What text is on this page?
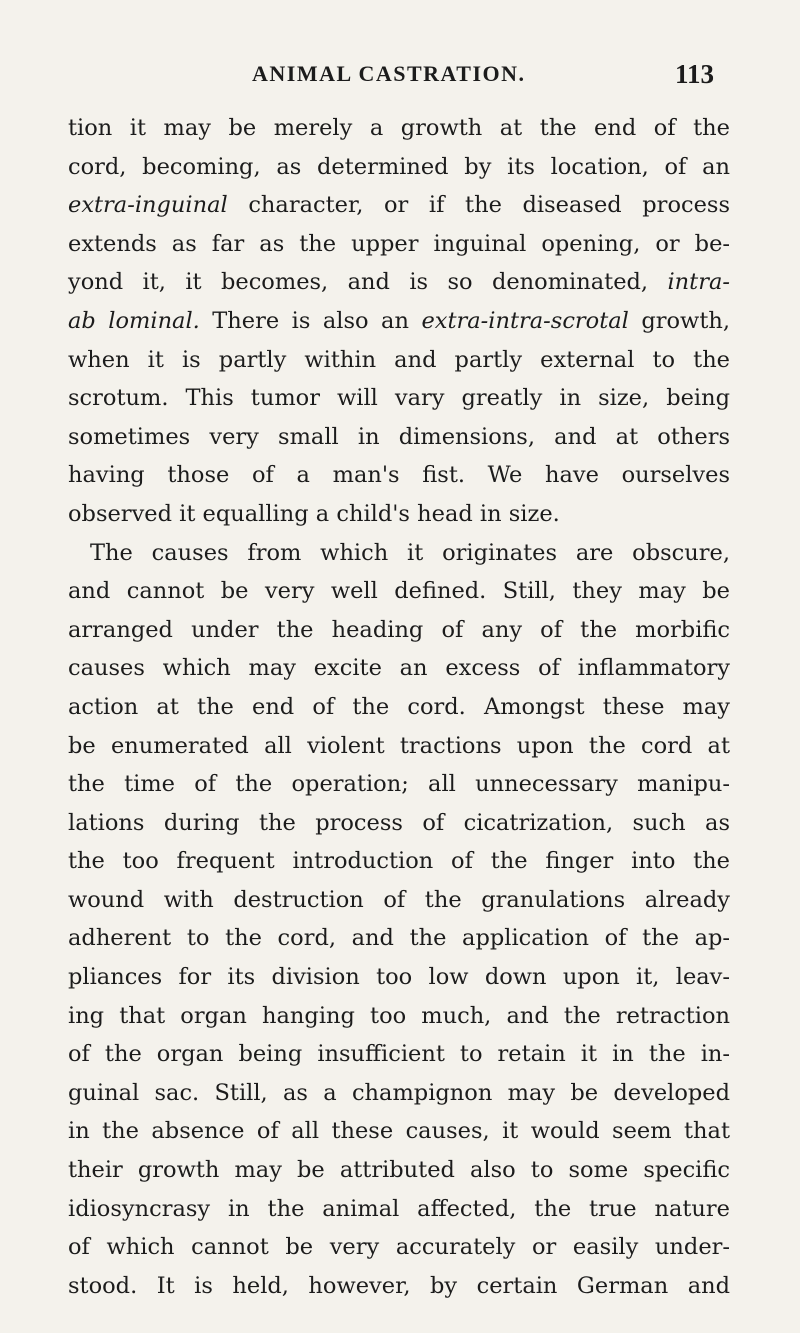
ANIMAL CASTRATION.	113
tion it may be merely a growth at the end of the
cord, becoming, as determined by its location, of an
extra-inguinal character, or if the diseased process
extends as far as the upper inguinal opening, or be-
yond it, it becomes, and is so denominated, intra-
ab lominal. There is also an extra-intra-scrotal growth,
when it is partly within and partly external to the
scrotum. This tumor will vary greatly in size, being
sometimes very small in dimensions, and at others
having those of a man's fist. We have ourselves
observed it equalling a child's head in size.
The causes from which it originates are obscure,
and cannot be very well defined. Still, they may be
arranged under the heading of any of the morbific
causes which may excite an excess of inflammatory
action at the end of the cord. Amongst these may
be enumerated all violent tractions upon the cord at
the time of the operation; all unnecessary manipu-
lations during the process of cicatrization, such as
the too frequent introduction of the finger into the
wound with destruction of the granulations already
adherent to the cord, and the application of the ap-
pliances for its division too low down upon it, leav-
ing that organ hanging too much, and the retraction
of the organ being insufficient to retain it in the in-
guinal sac. Still, as a champignon may be developed
in the absence of all these causes, it would seem that
their growth may be attributed also to some specific
idiosyncrasy in the animal affected, the true nature
of which cannot be very accurately or easily under-
stood. It is held, however, by certain German and
